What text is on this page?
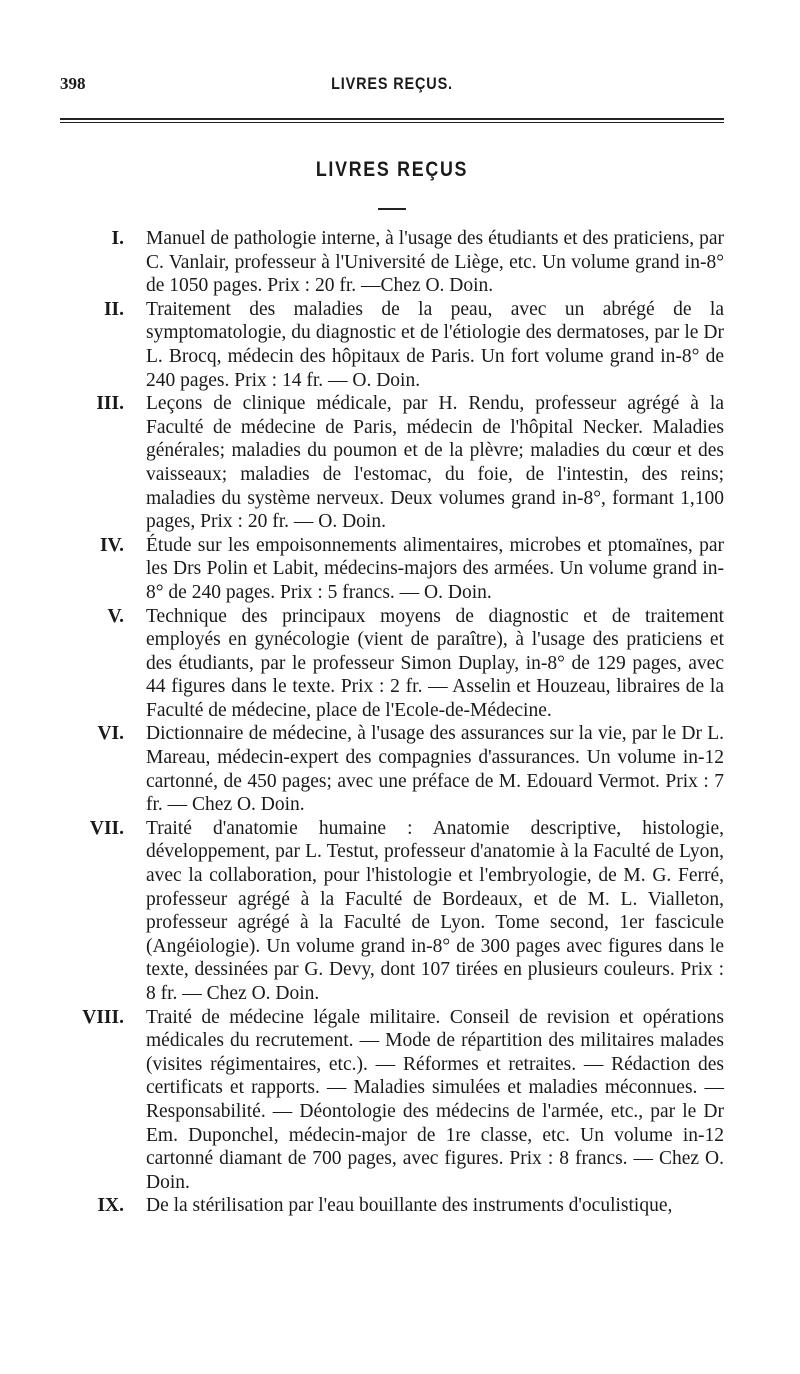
398	LIVRES REÇUS.
LIVRES REÇUS
I. Manuel de pathologie interne, à l'usage des étudiants et des praticiens, par C. Vanlair, professeur à l'Université de Liège, etc. Un volume grand in-8° de 1050 pages. Prix : 20 fr. —Chez O. Doin.
II. Traitement des maladies de la peau, avec un abrégé de la symptomatologie, du diagnostic et de l'étiologie des dermatoses, par le Dr L. Brocq, médecin des hôpitaux de Paris. Un fort volume grand in-8° de 240 pages. Prix : 14 fr. — O. Doin.
III. Leçons de clinique médicale, par H. Rendu, professeur agrégé à la Faculté de médecine de Paris, médecin de l'hôpital Necker. Maladies générales; maladies du poumon et de la plèvre; maladies du cœur et des vaisseaux; maladies de l'estomac, du foie, de l'intestin, des reins; maladies du système nerveux. Deux volumes grand in-8°, formant 1,100 pages, Prix : 20 fr. — O. Doin.
IV. Étude sur les empoisonnements alimentaires, microbes et ptomaïnes, par les Drs Polin et Labit, médecins-majors des armées. Un volume grand in-8° de 240 pages. Prix : 5 francs. — O. Doin.
V. Technique des principaux moyens de diagnostic et de traitement employés en gynécologie (vient de paraître), à l'usage des praticiens et des étudiants, par le professeur Simon Duplay, in-8° de 129 pages, avec 44 figures dans le texte. Prix : 2 fr. — Asselin et Houzeau, libraires de la Faculté de médecine, place de l'Ecole-de-Médecine.
VI. Dictionnaire de médecine, à l'usage des assurances sur la vie, par le Dr L. Mareau, médecin-expert des compagnies d'assurances. Un volume in-12 cartonné, de 450 pages; avec une préface de M. Edouard Vermot. Prix : 7 fr. — Chez O. Doin.
VII. Traité d'anatomie humaine : Anatomie descriptive, histologie, développement, par L. Testut, professeur d'anatomie à la Faculté de Lyon, avec la collaboration, pour l'histologie et l'embryologie, de M. G. Ferré, professeur agrégé à la Faculté de Bordeaux, et de M. L. Vialleton, professeur agrégé à la Faculté de Lyon. Tome second, 1er fascicule (Angéiologie). Un volume grand in-8° de 300 pages avec figures dans le texte, dessinées par G. Devy, dont 107 tirées en plusieurs couleurs. Prix : 8 fr. — Chez O. Doin.
VIII. Traité de médecine légale militaire. Conseil de revision et opérations médicales du recrutement. — Mode de répartition des militaires malades (visites régimentaires, etc.). — Réformes et retraites. — Rédaction des certificats et rapports. — Maladies simulées et maladies méconnues. — Responsabilité. — Déontologie des médecins de l'armée, etc., par le Dr Em. Duponchel, médecin-major de 1re classe, etc. Un volume in-12 cartonné diamant de 700 pages, avec figures. Prix : 8 francs. — Chez O. Doin.
IX. De la stérilisation par l'eau bouillante des instruments d'oculistique,
